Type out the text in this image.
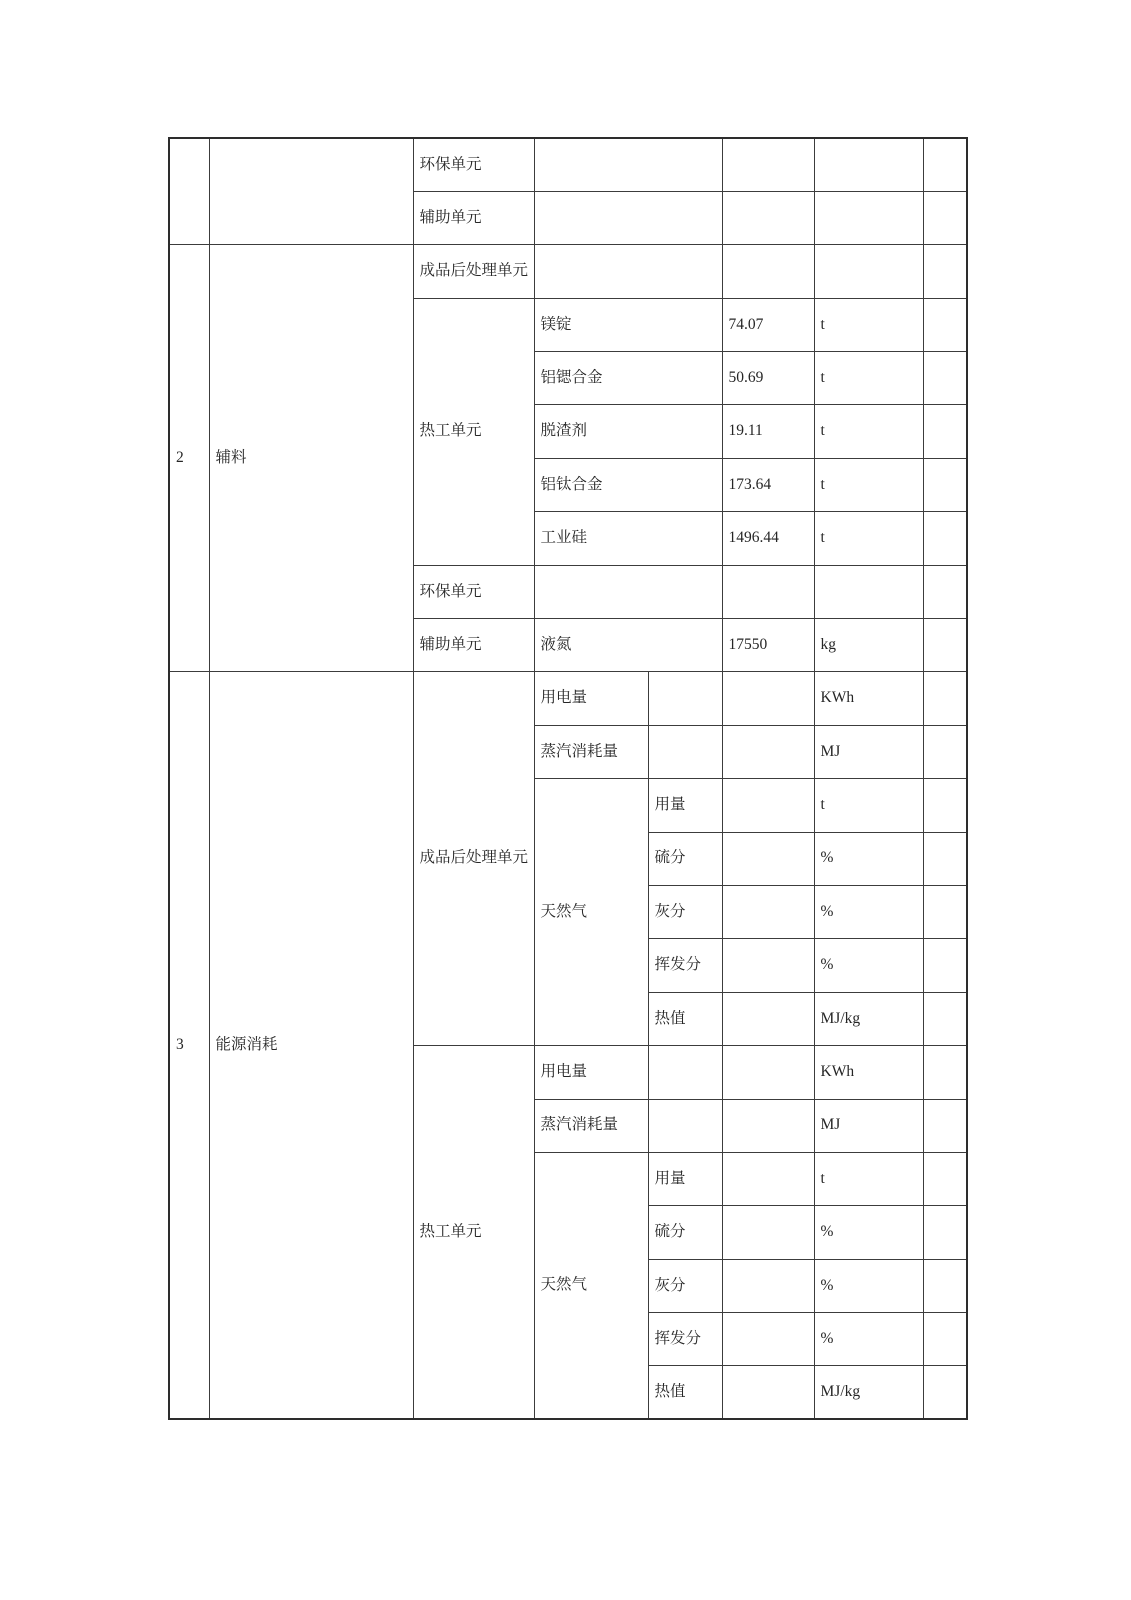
		环保单元					
		辅助单元					
2	辅料	成品后处理单元					
		热工单元	镁锭		74.07	t	
			铝锶合金		50.69	t	
			脱渣剂		19.11	t	
			铝钛合金		173.64	t	
			工业硅		1496.44	t	
		环保单元					
		辅助单元	液氮		17550	kg	
3	能源消耗	成品后处理单元	用电量			KWh	
			蒸汽消耗量			MJ	
			天然气	用量		t	
				硫分		%	
				灰分		%	
				挥发分		%	
				热值		MJ/kg	
		热工单元	用电量			KWh	
			蒸汽消耗量			MJ	
			天然气	用量		t	
				硫分		%	
				灰分		%	
				挥发分		%	
				热值		MJ/kg	
